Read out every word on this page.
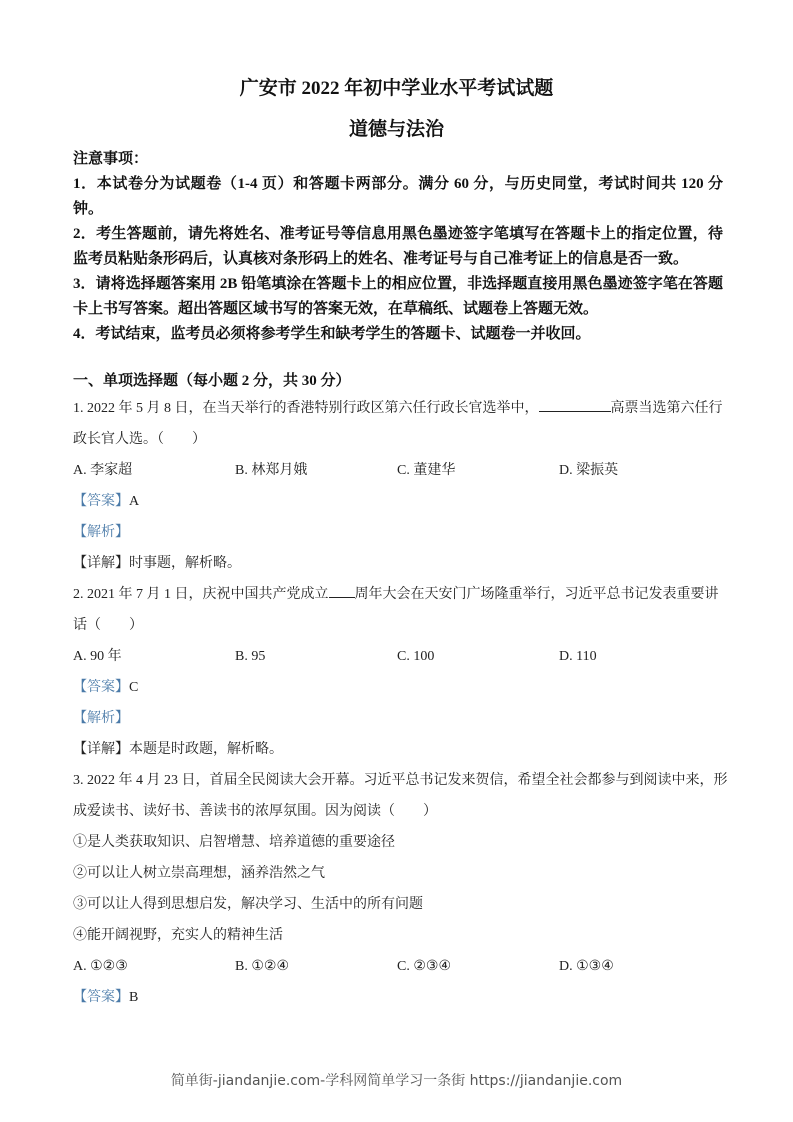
广安市 2022 年初中学业水平考试试题
道德与法治
注意事项：
1．本试卷分为试题卷（1-4 页）和答题卡两部分。满分 60 分，与历史同堂，考试时间共 120 分钟。
2．考生答题前，请先将姓名、准考证号等信息用黑色墨迹签字笔填写在答题卡上的指定位置，待监考员粘贴条形码后，认真核对条形码上的姓名、准考证号与自己准考证上的信息是否一致。
3．请将选择题答案用 2B 铅笔填涂在答题卡上的相应位置，非选择题直接用黑色墨迹签字笔在答题卡上书写答案。超出答题区域书写的答案无效，在草稿纸、试题卷上答题无效。
4．考试结束，监考员必须将参考学生和缺考学生的答题卡、试题卷一并收回。
一、单项选择题（每小题 2 分，共 30 分）
1. 2022 年 5 月 8 日，在当天举行的香港特别行政区第六任行政长官选举中，	高票当选第六任行
政长官人选。（　　）
A. 李家超	B. 林郑月娥	C. 董建华	D. 梁振英
【答案】A
【解析】
【详解】时事题，解析略。
2. 2021 年 7 月 1 日，庆祝中国共产党成立 周年大会在天安门广场隆重举行，习近平总书记发表重要讲
话（　　）
A. 90 年	B. 95	C. 100	D. 110
【答案】C
【解析】
【详解】本题是时政题，解析略。
3. 2022 年 4 月 23 日，首届全民阅读大会开幕。习近平总书记发来贺信，希望全社会都参与到阅读中来，形
成爱读书、读好书、善读书的浓厚氛围。因为阅读（　　）
①是人类获取知识、启智增慧、培养道德的重要途径
②可以让人树立崇高理想，涵养浩然之气
③可以让人得到思想启发，解决学习、生活中的所有问题
④能开阔视野，充实人的精神生活
A. ①②③	B. ①②④	C. ②③④	D. ①③④
【答案】B
简单街-jiandanjie.com-学科网简单学习一条街 https://jiandanjie.com
